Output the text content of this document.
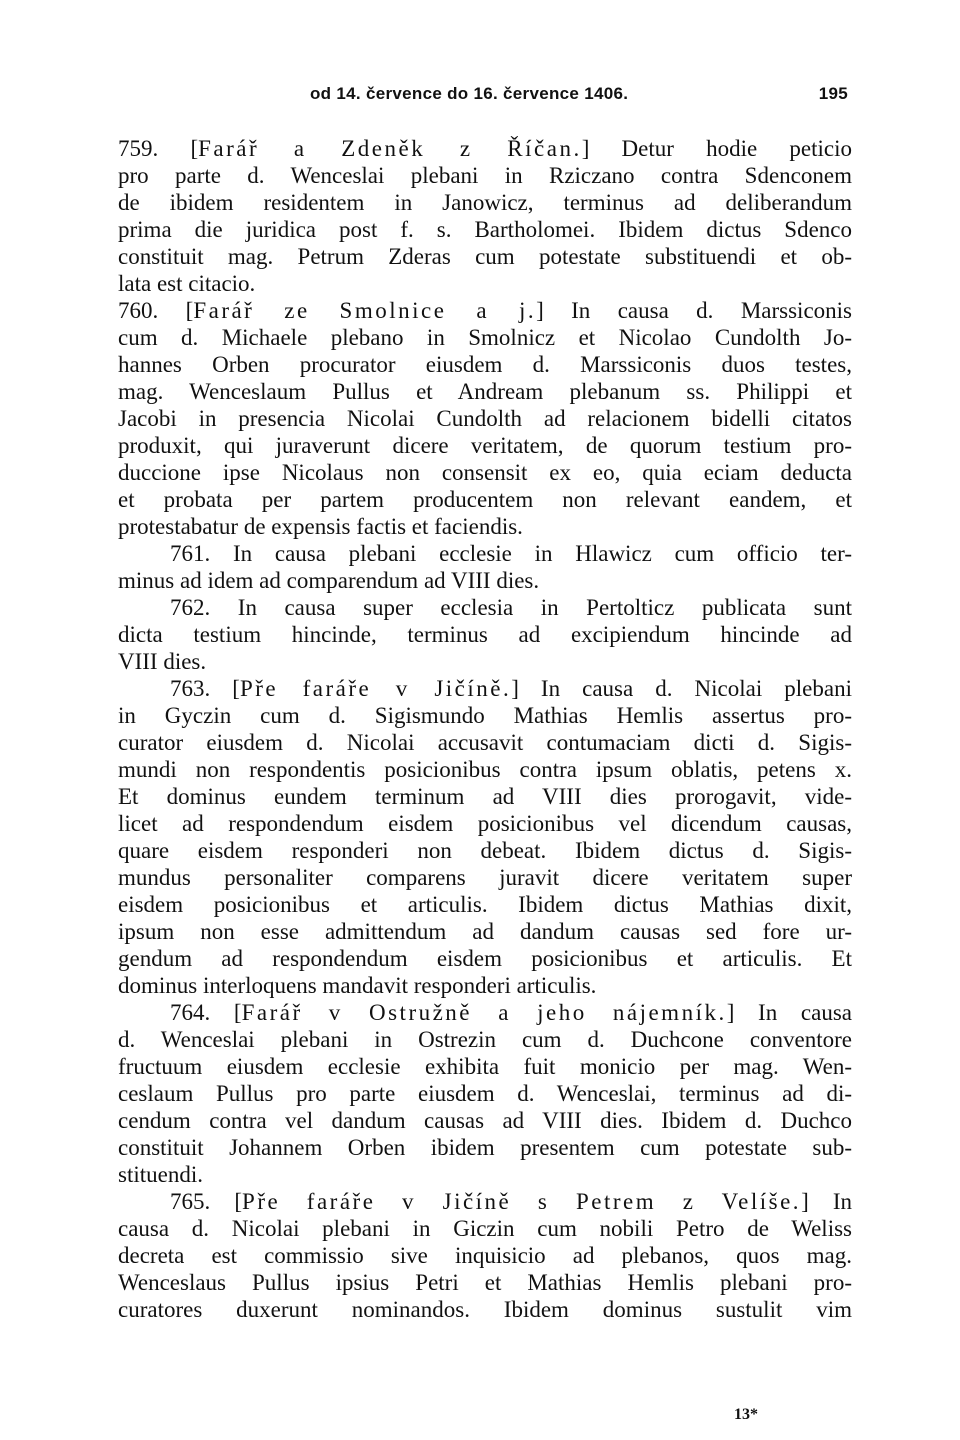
od 14. července do 16. července 1406.	195
759. [Farář a Zdeněk z Říčan.] Detur hodie peticio
pro parte d. Wenceslai plebani in Rziczano contra Sdenconem
de ibidem residentem in Janowicz, terminus ad deliberandum
prima die juridica post f. s. Bartholomei. Ibidem dictus Sdenco
constituit mag. Petrum Zderas cum potestate substituendi et ob-
lata est citacio.
760. [Farář ze Smolnice a j.] In causa d. Marssiconis
cum d. Michaele plebano in Smolnicz et Nicolao Cundolth Jo-
hannes Orben procurator eiusdem d. Marssiconis duos testes,
mag. Wenceslaum Pullus et Andream plebanum ss. Philippi et
Jacobi in presencia Nicolai Cundolth ad relacionem bidelli citatos
produxit, qui juraverunt dicere veritatem, de quorum testium pro-
duccione ipse Nicolaus non consensit ex eo, quia eciam deducta
et probata per partem producentem non relevant eandem, et
protestabatur de expensis factis et faciendis.
761. In causa plebani ecclesie in Hlawicz cum officio ter-
minus ad idem ad comparendum ad VIII dies.
762. In causa super ecclesia in Pertolticz publicata sunt
dicta testium hincinde, terminus ad excipiendum hincinde ad
VIII dies.
763. [Pře faráře v Jičíně.] In causa d. Nicolai plebani
in Gyczin cum d. Sigismundo Mathias Hemlis assertus pro-
curator eiusdem d. Nicolai accusavit contumaciam dicti d. Sigis-
mundi non respondentis posicionibus contra ipsum oblatis, petens x.
Et dominus eundem terminum ad VIII dies prorogavit, vide-
licet ad respondendum eisdem posicionibus vel dicendum causas,
quare eisdem responderi non debeat. Ibidem dictus d. Sigis-
mundus personaliter comparens juravit dicere veritatem super
eisdem posicionibus et articulis. Ibidem dictus Mathias dixit,
ipsum non esse admittendum ad dandum causas sed fore ur-
gendum ad respondendum eisdem posicionibus et articulis. Et
dominus interloquens mandavit responderi articulis.
764. [Farář v Ostružně a jeho nájemník.] In causa
d. Wenceslai plebani in Ostrezin cum d. Duchcone conventore
fructuum eiusdem ecclesie exhibita fuit monicio per mag. Wen-
ceslaum Pullus pro parte eiusdem d. Wenceslai, terminus ad di-
cendum contra vel dandum causas ad VIII dies. Ibidem d. Duchco
constituit Johannem Orben ibidem presentem cum potestate sub-
stituendi.
765. [Pře faráře v Jičíně s Petrem z Velíše.] In
causa d. Nicolai plebani in Giczin cum nobili Petro de Weliss
decreta est commissio sive inquisicio ad plebanos, quos mag.
Wenceslaus Pullus ipsius Petri et Mathias Hemlis plebani pro-
curatores duxerunt nominandos. Ibidem dominus sustulit vim
13*
